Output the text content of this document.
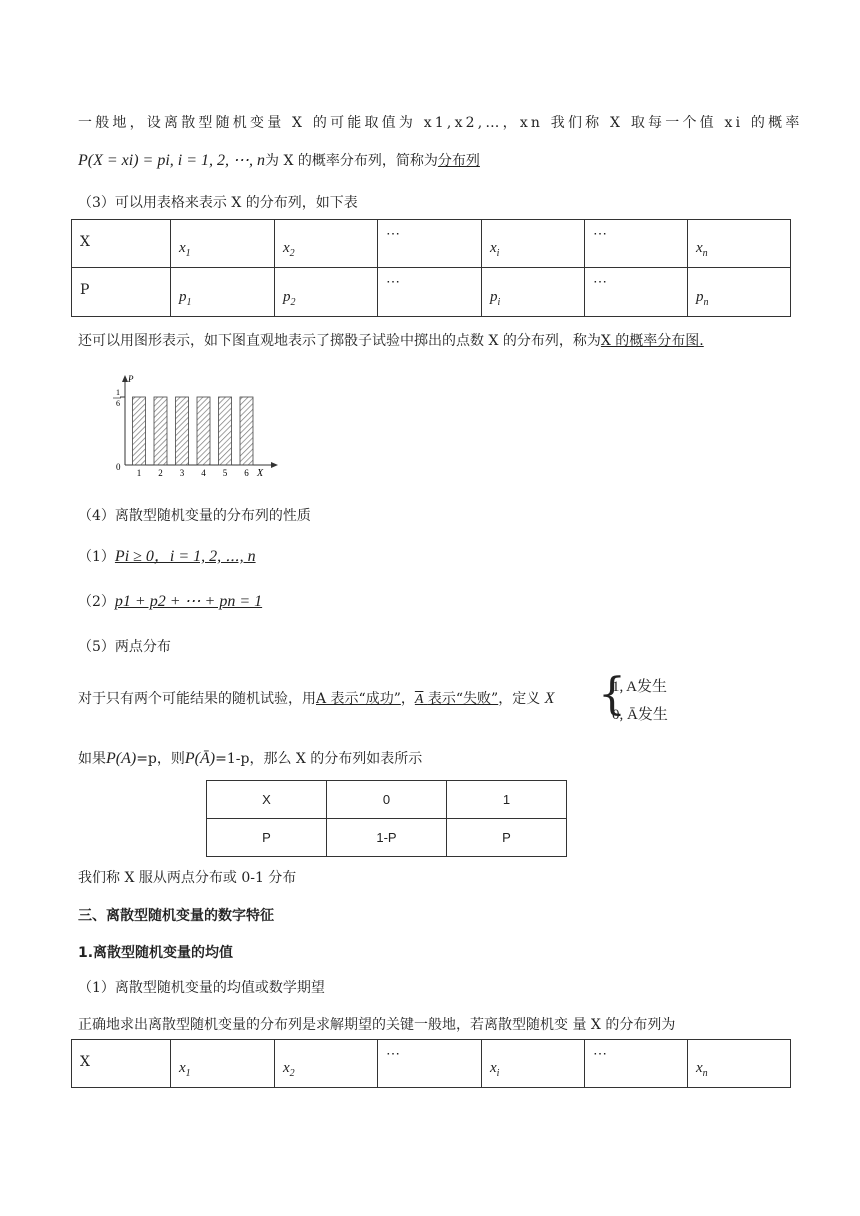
一般地，设离散型随机变量 X 的可能取值为 x1,x2,…，xn 我们称 X 取每一个值 xi 的概率
P(X = xi) = pi, i = 1, 2, ⋯, n为 X 的概率分布列，简称为分布列
（3）可以用表格来表示 X 的分布列，如下表
X	$x_1$	$x_2$	⋯	$x_i$	⋯	$x_n$
P	$p_1$	$p_2$	⋯	$p_i$	⋯	$p_n$
还可以用图形表示，如下图直观地表示了掷骰子试验中掷出的点数 X 的分布列，称为X 的概率分布图.
1 2 3 4 5 6 X
P
0
1
6
（4）离散型随机变量的分布列的性质
（1）Pi ≥ 0，i = 1, 2, ⋯, n
（2）p1 + p2 + ⋯ + pn = 1
（5）两点分布
对于只有两个可能结果的随机试验，用A 表示“成功”，A 表示“失败”，定义 X {
1, A发生
0, Ā发生
如果P(A)=p，则P(Ā)=1-p，那么 X 的分布列如表所示
X	0	1
P	1-P	P
我们称 X 服从两点分布或 0-1 分布
三、离散型随机变量的数字特征
1.离散型随机变量的均值
（1）离散型随机变量的均值或数学期望
正确地求出离散型随机变量的分布列是求解期望的关键一般地，若离散型随机变 量 X 的分布列为
X	$x_1$	$x_2$	⋯	$x_i$	⋯	$x_n$
